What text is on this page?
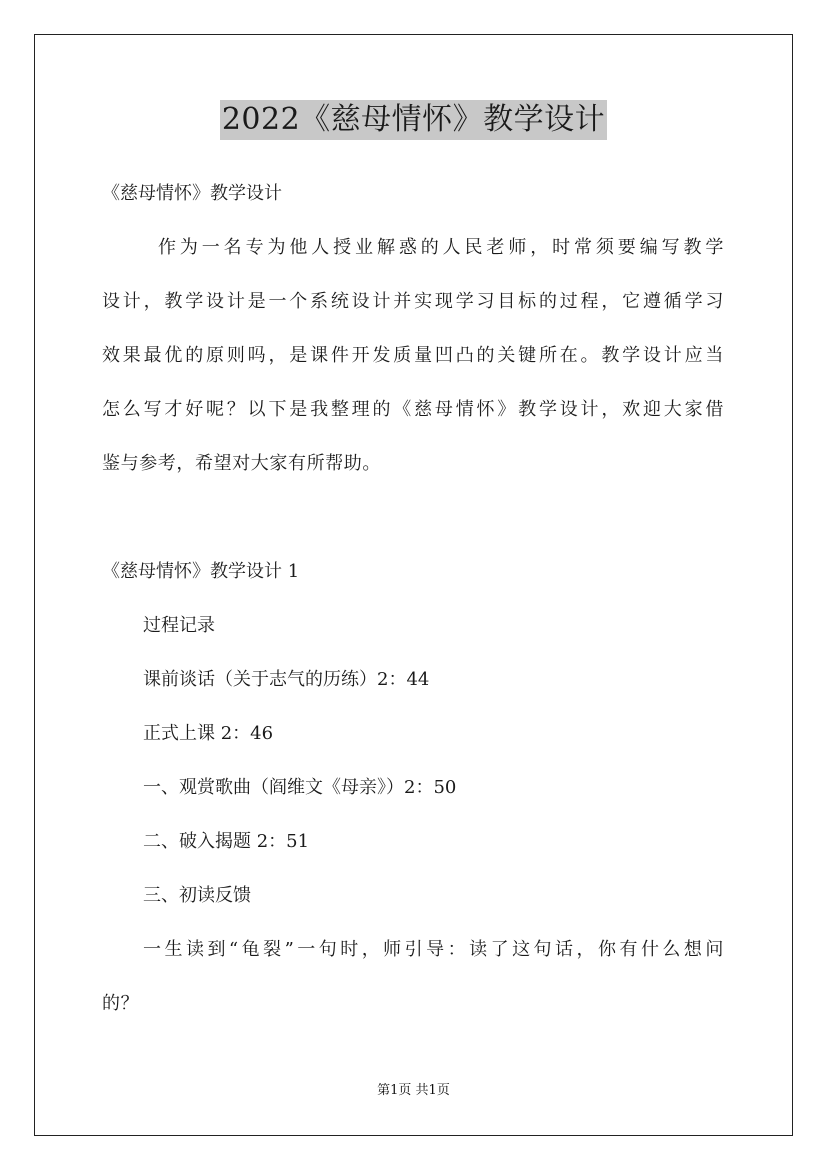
2022《慈母情怀》教学设计
《慈母情怀》教学设计
作为一名专为他人授业解惑的人民老师，时常须要编写教学
设计，教学设计是一个系统设计并实现学习目标的过程，它遵循学习
效果最优的原则吗，是课件开发质量凹凸的关键所在。教学设计应当
怎么写才好呢？以下是我整理的《慈母情怀》教学设计，欢迎大家借
鉴与参考，希望对大家有所帮助。
《慈母情怀》教学设计 1
过程记录
课前谈话（关于志气的历练）2：44
正式上课 2：46
一、观赏歌曲（阎维文《母亲》）2：50
二、破入揭题 2：51
三、初读反馈
一生读到“龟裂”一句时，师引导：读了这句话，你有什么想问
的？
第1页 共1页
